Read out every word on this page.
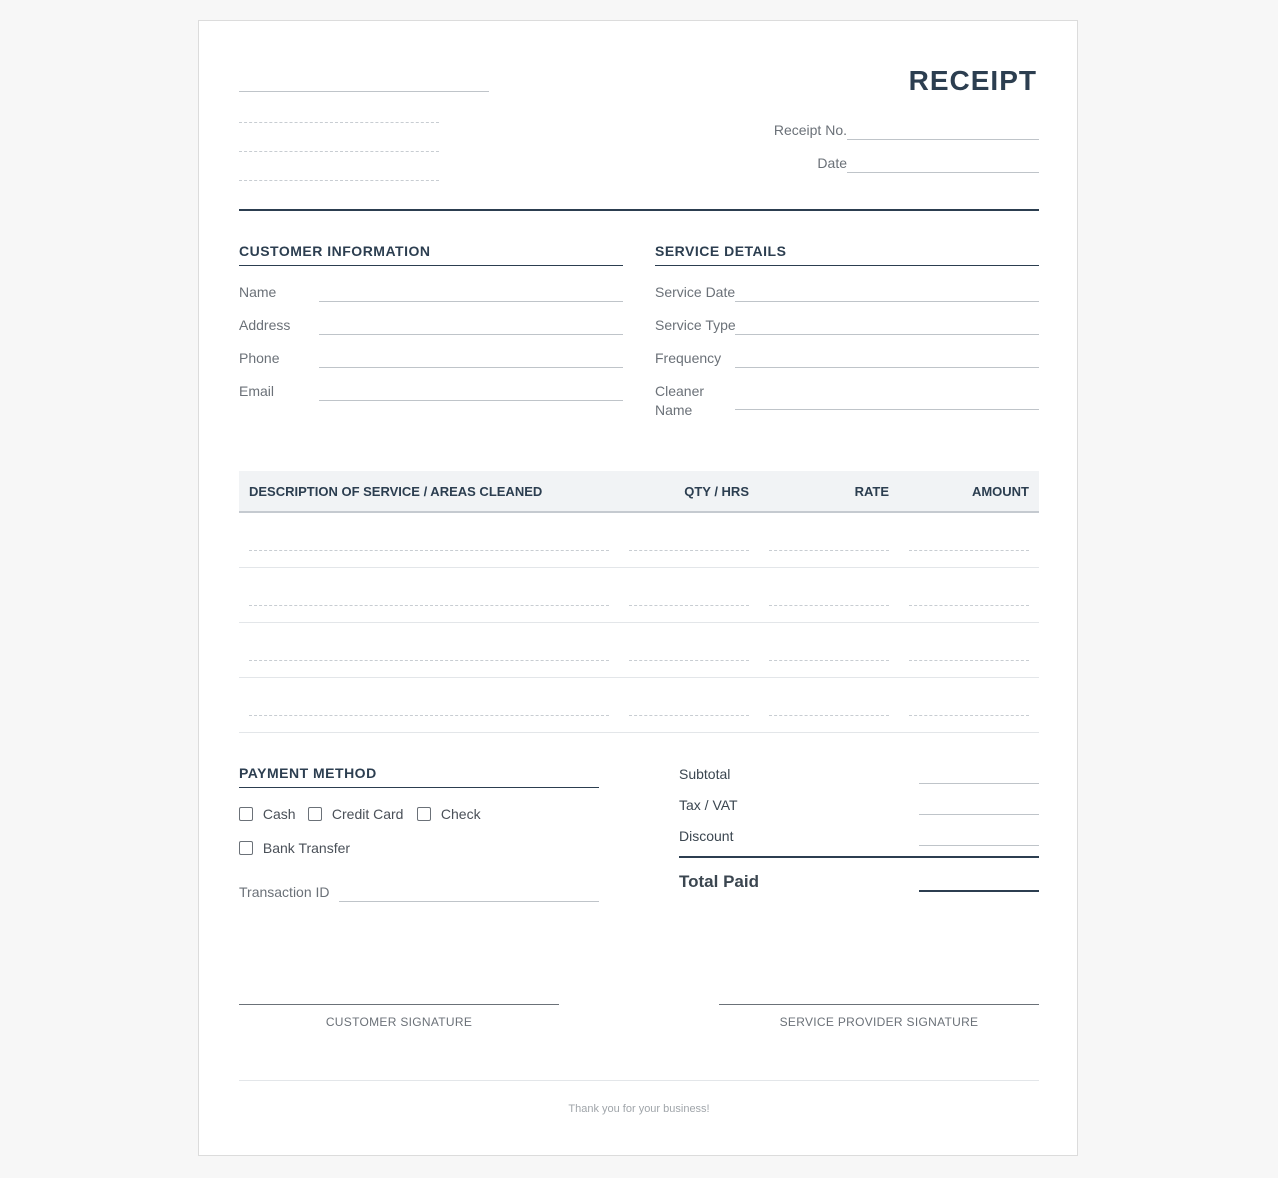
RECEIPT
Receipt No.
Date
CUSTOMER INFORMATION
Name
Address
Phone
Email
SERVICE DETAILS
Service Date
Service Type
Frequency
Cleaner Name
DESCRIPTION OF SERVICE / AREAS CLEANED	QTY / HRS	RATE	AMOUNT
PAYMENT METHOD
Cash	Credit Card	Check
Bank Transfer
Transaction ID
Subtotal
Tax / VAT
Discount
Total Paid
CUSTOMER SIGNATURE	SERVICE PROVIDER SIGNATURE
Thank you for your business!
